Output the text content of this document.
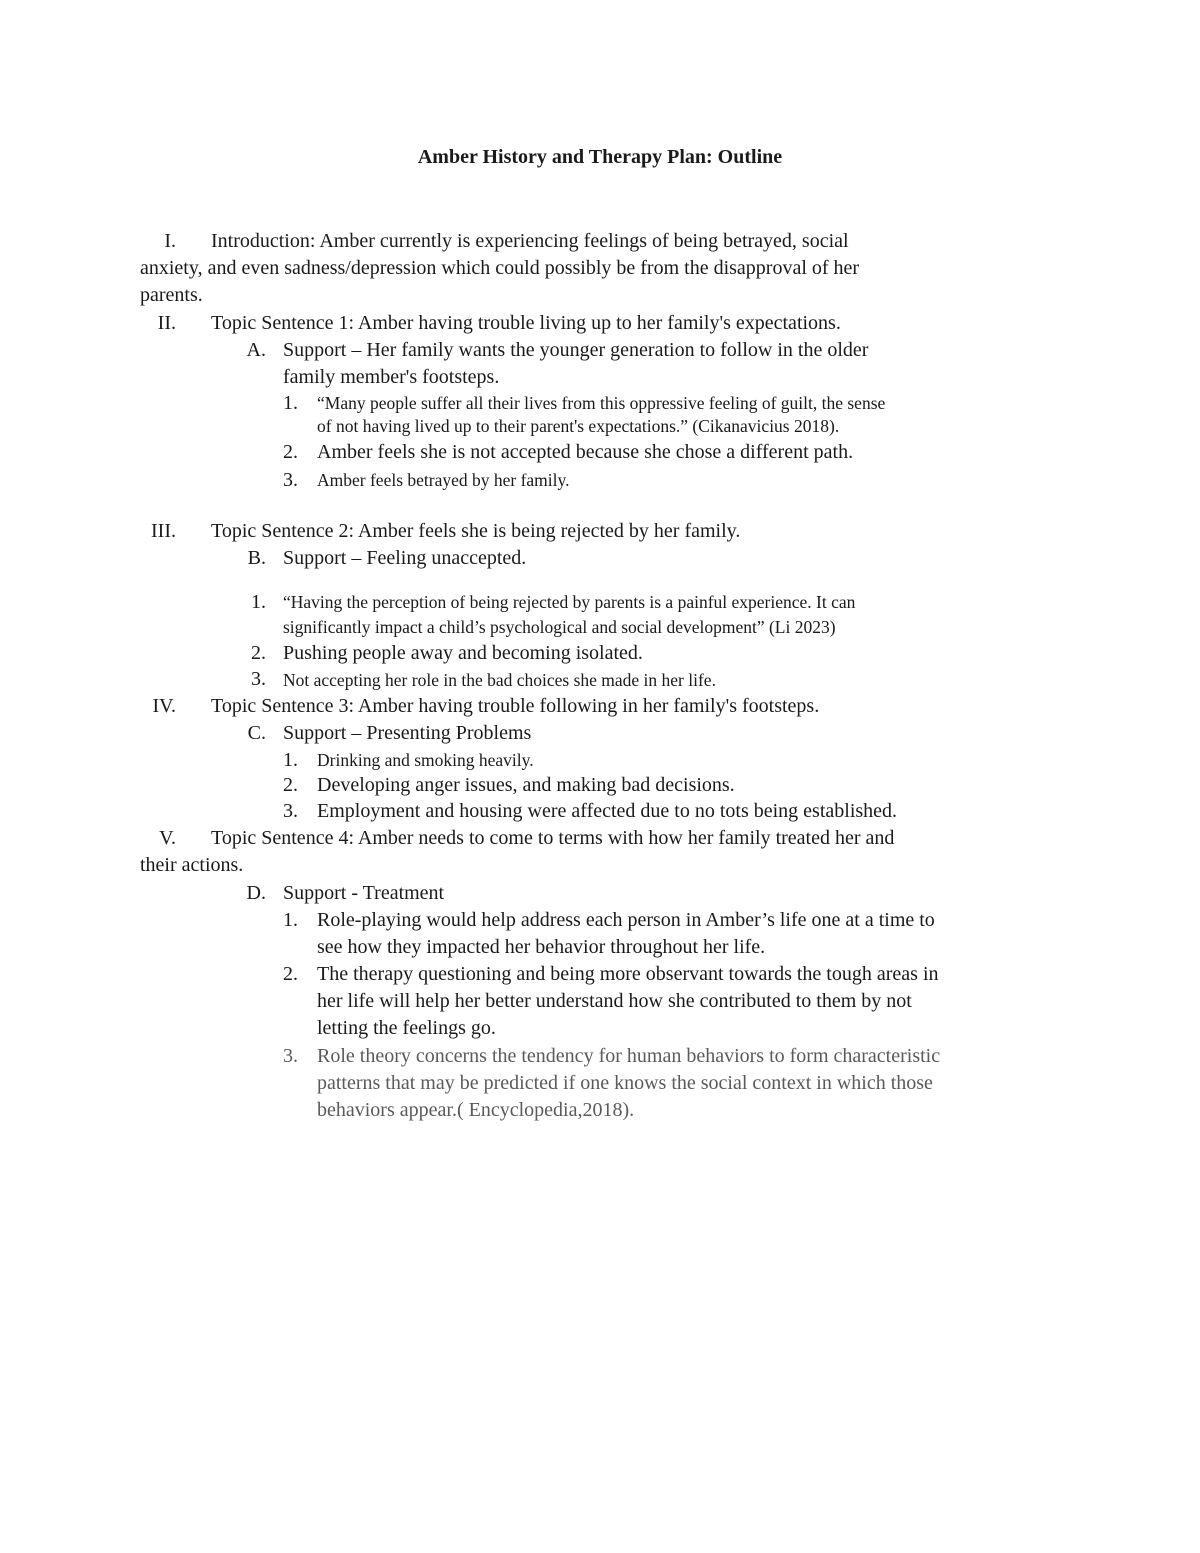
Amber History and Therapy Plan: Outline
I. Introduction: Amber currently is experiencing feelings of being betrayed, social
anxiety, and even sadness/depression which could possibly be from the disapproval of her
parents.
II. Topic Sentence 1: Amber having trouble living up to her family's expectations.
A. Support – Her family wants the younger generation to follow in the older
family member's footsteps.
1. “Many people suffer all their lives from this oppressive feeling of guilt, the sense
of not having lived up to their parent's expectations.” (Cikanavicius 2018).
2. Amber feels she is not accepted because she chose a different path.
3. Amber feels betrayed by her family.
III. Topic Sentence 2: Amber feels she is being rejected by her family.
B. Support – Feeling unaccepted.
1. “Having the perception of being rejected by parents is a painful experience. It can
significantly impact a child’s psychological and social development” (Li 2023)
2. Pushing people away and becoming isolated.
3. Not accepting her role in the bad choices she made in her life.
IV. Topic Sentence 3: Amber having trouble following in her family's footsteps.
C. Support – Presenting Problems
1. Drinking and smoking heavily.
2. Developing anger issues, and making bad decisions.
3. Employment and housing were affected due to no tots being established.
V. Topic Sentence 4: Amber needs to come to terms with how her family treated her and
their actions.
D. Support - Treatment
1. Role-playing would help address each person in Amber’s life one at a time to
see how they impacted her behavior throughout her life.
2. The therapy questioning and being more observant towards the tough areas in
her life will help her better understand how she contributed to them by not
letting the feelings go.
3. Role theory concerns the tendency for human behaviors to form characteristic
patterns that may be predicted if one knows the social context in which those
behaviors appear.( Encyclopedia,2018).
